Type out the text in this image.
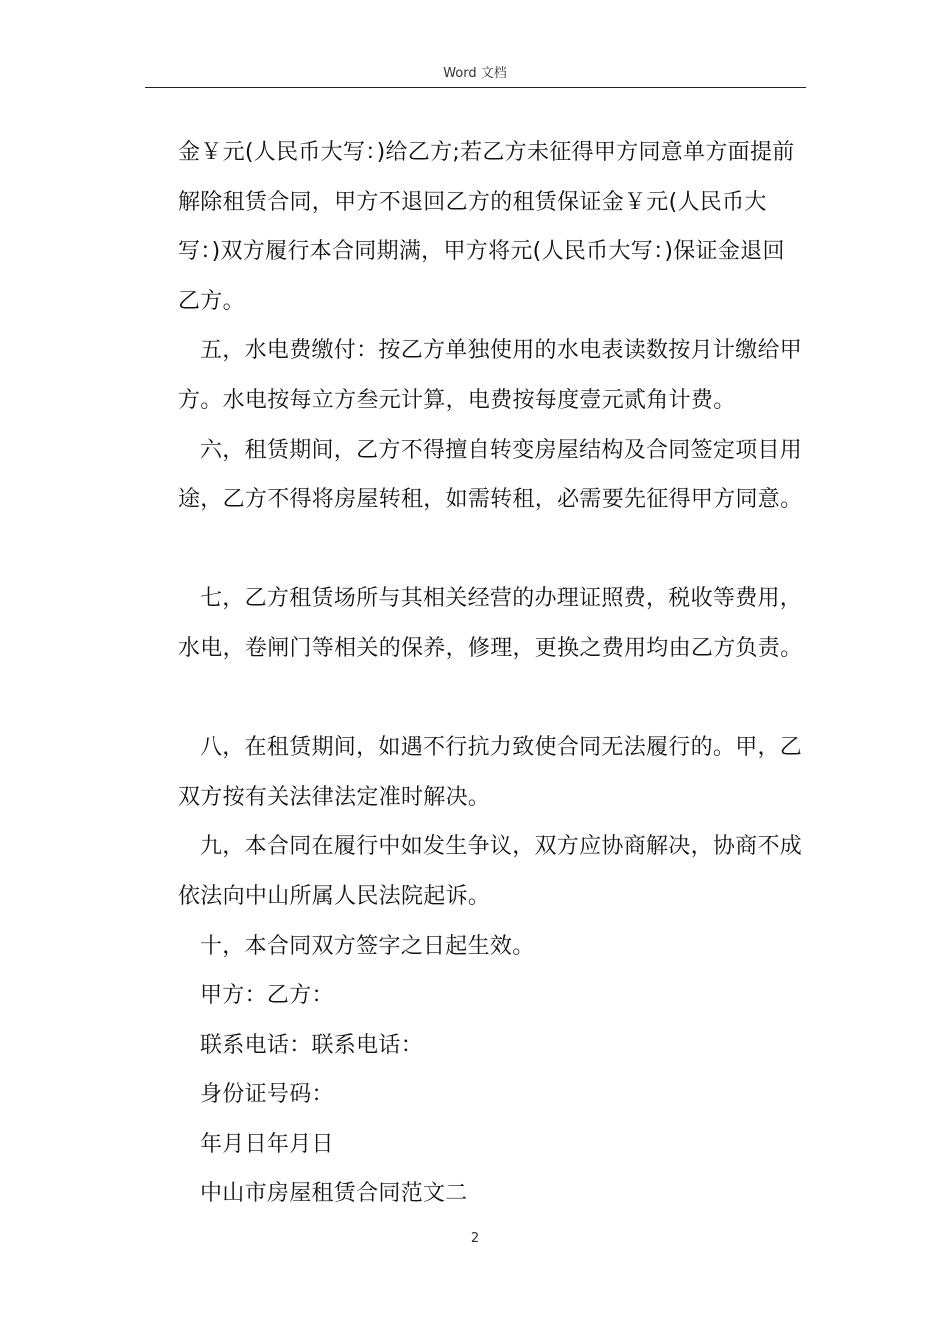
Word 文档

金￥元(人民币大写：)给乙方;若乙方未征得甲方同意单方面提前

解除租赁合同，甲方不退回乙方的租赁保证金￥元(人民币大

写：)双方履行本合同期满，甲方将元(人民币大写：)保证金退回

乙方。

五，水电费缴付：按乙方单独使用的水电表读数按月计缴给甲

方。水电按每立方叁元计算，电费按每度壹元贰角计费。

六，租赁期间，乙方不得擅自转变房屋结构及合同签定项目用

途，乙方不得将房屋转租，如需转租，必需要先征得甲方同意。

七，乙方租赁场所与其相关经营的办理证照费，税收等费用，

水电，卷闸门等相关的保养，修理，更换之费用均由乙方负责。

八，在租赁期间，如遇不行抗力致使合同无法履行的。甲，乙

双方按有关法律法定准时解决。

九，本合同在履行中如发生争议，双方应协商解决，协商不成

依法向中山所属人民法院起诉。

十，本合同双方签字之日起生效。

甲方：乙方：

联系电话：联系电话：

身份证号码：

年月日年月日

中山市房屋租赁合同范文二

2
